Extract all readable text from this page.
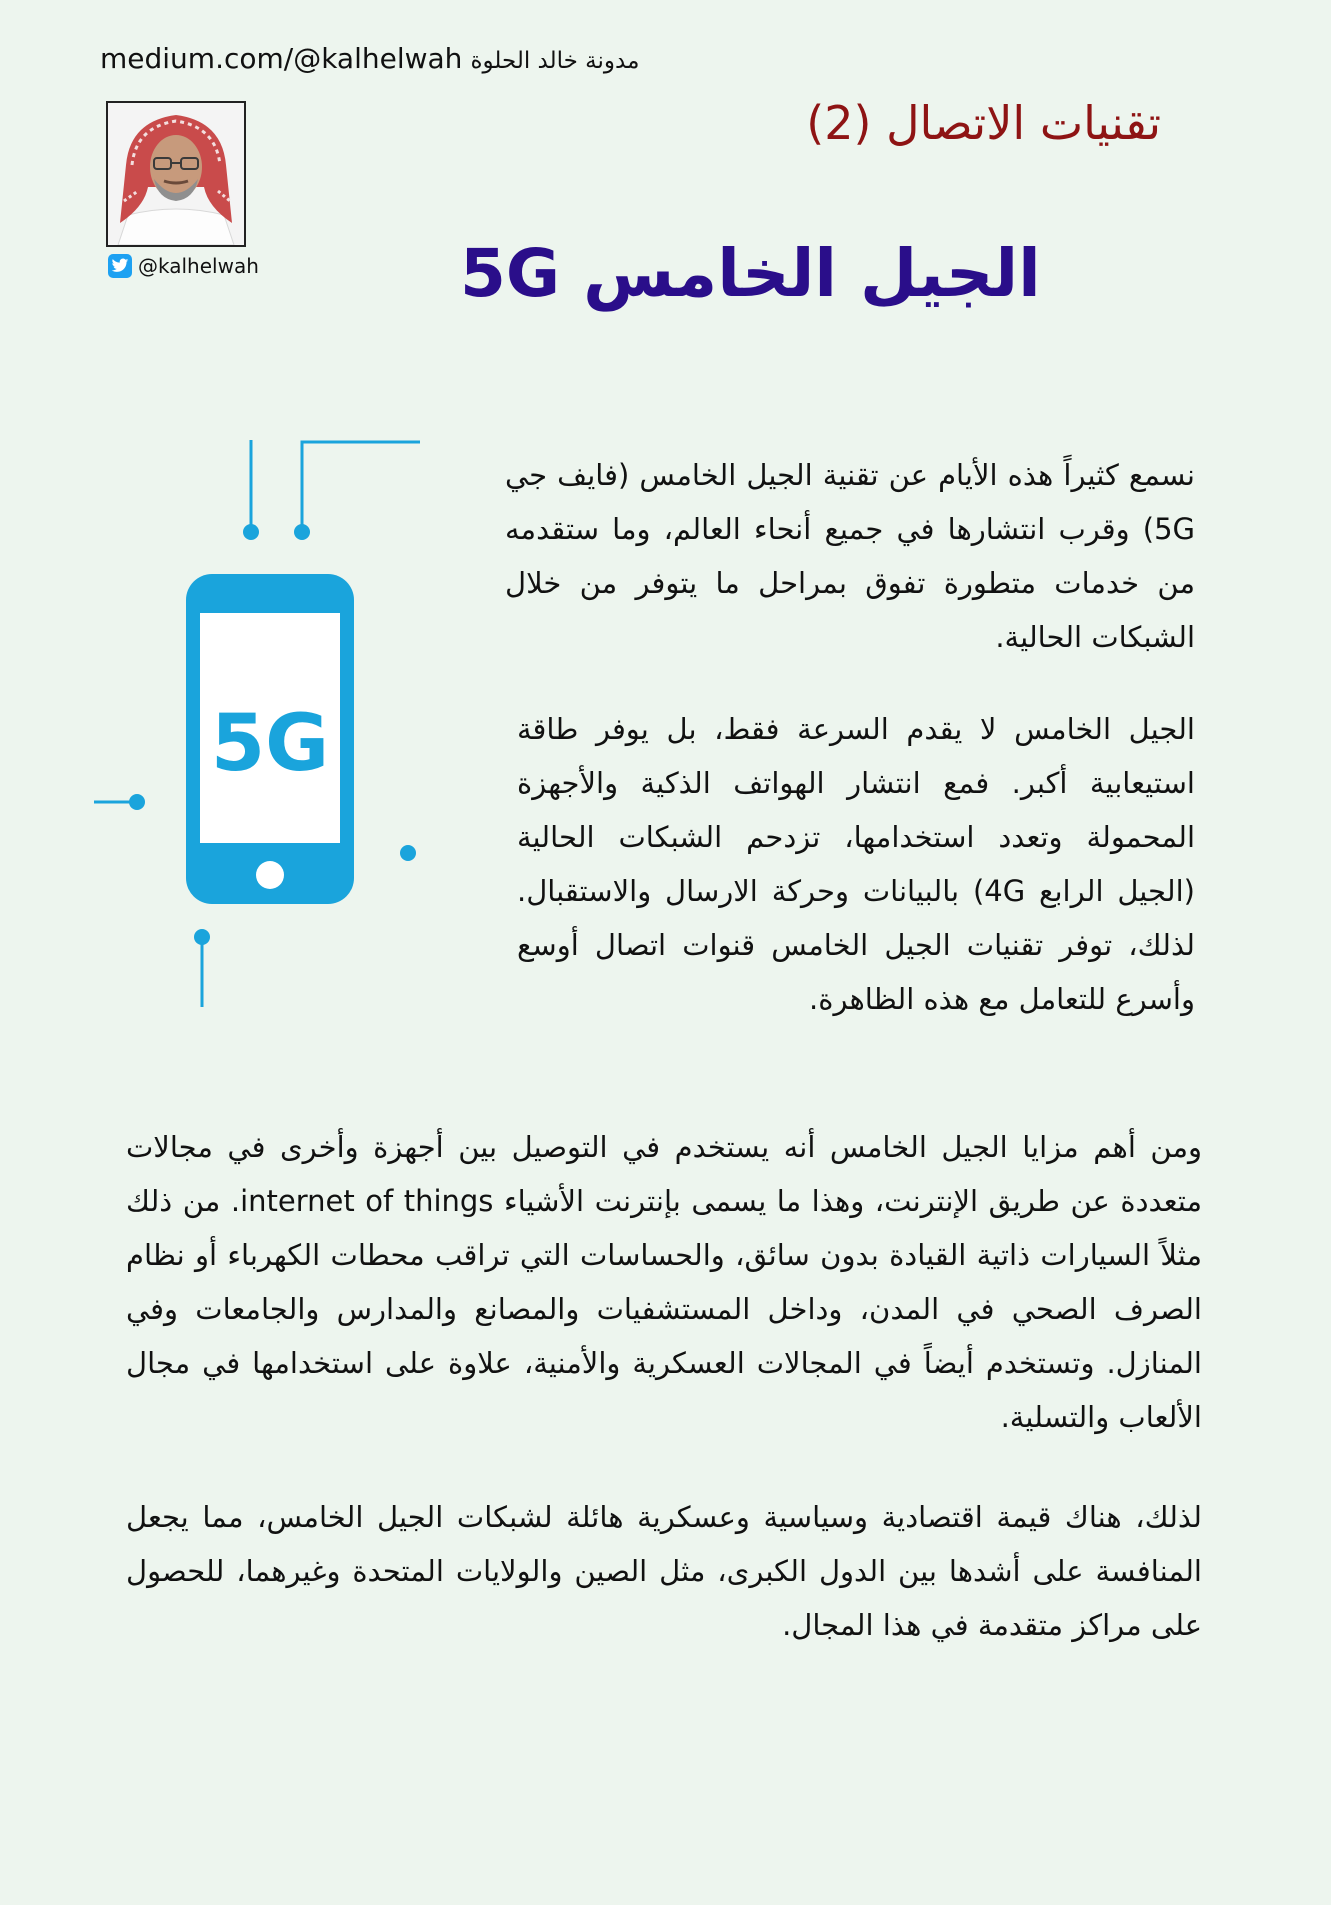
medium.com/@kalhelwah مدونة خالد الحلوة
@kalhelwah
تقنيات الاتصال (2)
الجيل الخامس 5G
5G
نسمع كثيراً هذه الأيام عن تقنية الجيل الخامس (فايف جي 5G) وقرب انتشارها في جميع أنحاء العالم، وما ستقدمه من خدمات متطورة تفوق بمراحل ما يتوفر من خلال الشبكات الحالية.
الجيل الخامس لا يقدم السرعة فقط، بل يوفر طاقة استيعابية أكبر. فمع انتشار الهواتف الذكية والأجهزة المحمولة وتعدد استخدامها، تزدحم الشبكات الحالية (الجيل الرابع 4G) بالبيانات وحركة الارسال والاستقبال. لذلك، توفر تقنيات الجيل الخامس قنوات اتصال أوسع وأسرع للتعامل مع هذه الظاهرة.
ومن أهم مزايا الجيل الخامس أنه يستخدم في التوصيل بين أجهزة وأخرى في مجالات متعددة عن طريق الإنترنت، وهذا ما يسمى بإنترنت الأشياء internet of things. من ذلك مثلاً السيارات ذاتية القيادة بدون سائق، والحساسات التي تراقب محطات الكهرباء أو نظام الصرف الصحي في المدن، وداخل المستشفيات والمصانع والمدارس والجامعات وفي المنازل. وتستخدم أيضاً في المجالات العسكرية والأمنية، علاوة على استخدامها في مجال الألعاب والتسلية.
لذلك، هناك قيمة اقتصادية وسياسية وعسكرية هائلة لشبكات الجيل الخامس، مما يجعل المنافسة على أشدها بين الدول الكبرى، مثل الصين والولايات المتحدة وغيرهما، للحصول على مراكز متقدمة في هذا المجال.
